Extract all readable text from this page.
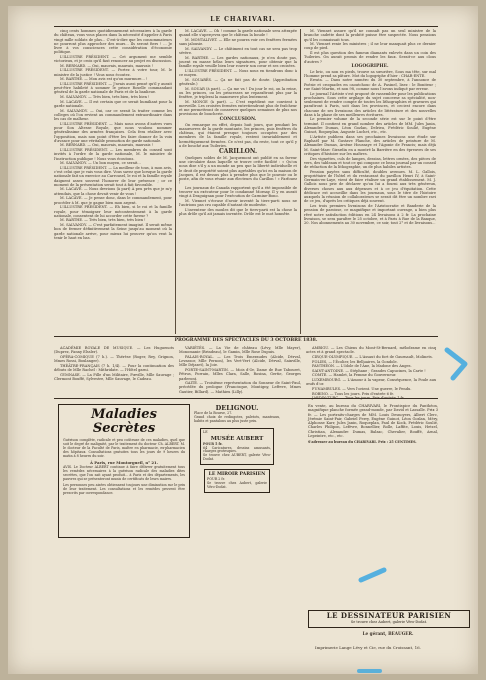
LE CHARIVARI.

cinq cents hommes quotidiennement nécessaires à la garde du château, vous vous placez dans la nécessité d'appeler à Paris vingt mille soldats de plus... C'est-à-dire que les consommateurs ne pourront plus approcher des murs... Ils seront fiers ! ... Je livre à vos consciences cette considération d'économie politique.

L'ILLUSTRE PRÉSIDENT. — Cet argument me semble victorieux, et je crois qu'il faut renoncer au projet en discussion.

M. BERNARD. — Oui, mauvais, mauvais, mauvais !

L'ILLUSTRE PRÉSIDENT. — Portez à votre tour, M. le ministre de la justice ! Vous nous écoutez.

M. BARTHE. — Mon avis est qu'on murmure... !

L'ILLUSTRE PRÉSIDENT. — J'avais aussi pensé qu'il y aurait peut-être habileté à sommer le prince Roselle commandant général de la garde nationale de Paris et de la banlieue.

M. SALVANDY. — Très bien, très bien, très bien !

M. LACAVE. — Il est certain que ce serait humiliant pour la garde nationale.

M. SALVANDY. — Oui, car ce serait la traiter comme les colleges où l'on revient au commandement extraordinaire dans les cas de malheur.

L'ILLUSTRE PRÉSIDENT. — Mais nous avons d'autres vues pour Son Altesse Royale, que nous voulons nommer généralissime des armées françaises. Cela fera réaliser avec l'opposition, mais non point d'être les faire donner de la voix d'avance pour une véritable promotion de garde nationale.

M. BERNARD. — Oui, mauvais, mauvais, mauvais !

L'ILLUSTRE PRÉSIDENT. — Les membres du conseil sont invités à l'ordre de la garde nationale, M. le ministre de l'instruction publique ! Nous vous écoutons.

M. SALVANDY. — Un bon moyen, ce serait...

L'ILLUSTRE PRÉSIDENT. — La meilleur de tous, à mon avis, c'est celui que je vais vous dire. Vous savez que lorsque la garde nationale fait un exercice au Carrousel, le roi et la famille royale daignent assez souvent l'honorer de leur présence ; or ce moment de la présentation serait tout à fait favorable.

M. LACAVE. — Nous devrions (à part) À peu près que je m'y attendais, que la chose devait venir de vous !

M. LACAVE. — Je pense donc, dans le commandement, pour procéder à M. que je gagne bien mon argent.

L'ILLUSTRE PRÉSIDENT. — Eh bien, si le roi et la famille royale, pour témoigner leur mécontentement à la garde nationale, consentent de lui accorder cette faveur ?

M. BARTHE. — Très bien, très bien, très bien !

M. SALVANDY. — C'est parfaitement imaginé. Il serait même bon de fermer définitivement la Seine jusqu'au moment où la garde nationale arrive, pour mieux lui prouver qu'on veut la tenir le haut en bas.

M. LACAVE. — Oh ! comme la garde nationale sera attrapée quand elle s'aperçevra que le château la boude !

M. MONTALIVET. — Elle ne pourra voir ces fenêtres fermées sans jalousie.

M. SALVANDY. — Le châtiment en tout cas ne sera pas trop sévère.

M. BARTHE. — Les gardes nationaux, je n'en doute pas, jouent en masse hélas leurs signatures, pour obtenir que la famille royale veuille bien leur rouvrir son cœur et ses croisées.

L'ILLUSTRE PRÉSIDENT. — Nous nous en tiendrons donc à ce moyen.

M. SOUARÈS. — Ça ne fait pas de doute. (Approbation générale.)

M. SOUAR (à part). — Ça me va ! Du jour le roi, on la reine, ou les princes, ou les princesses ne reparaîtront plus par la fenêtre, je triplerai la manœuvre plus lentement.

M. MONGE (à part). — C'est expédient me convient à merveille. Les croisées fermées entretiendront plus de fraîcheur et me permettront de conserver quelques semaines de plus nos provisions de boucherie.

CONCLUSION.

On remarque en effet, depuis huit jours, que pendant les manœuvres de la garde montante, les princes, puis fenêtres du château, qui étaient presque toujours occupées par des membres de la famille royale, restent invariablement et hermétiquement fermées. Ce n'est pas, du reste, tout ce qu'il y a de bouché aux Tuileries.

CARILLON.

Quelques soldes de M. Jacquemont ont publié en sa faveur une circulaire dans laquelle se trouve cette facilité : « Qu'on nous dise s'il y a un monde au peu que la liberté individuelle et le droit de propriété soient plus agréables qu'ici en la maison de Jacques, il est dessus plus à prendre plus que le pouvoir ou le poste, afin de vous réunir aux électeurs du Carillon ! » Farfouez !

Les journaux de Canada rapportent qu'il a été impossible de trouver un exécuteur pour le condamné Mornay. Il y en aurait vingt à Draguignan pour l'exécution de Carmine-Bono.

M. Viennet s'écrase d'avoir inventé la tiers-parti nous ne l'autrions pas cru capable d'autant de modestie.

L'inventeur des moules dit que le tiers-parti est la chose la plus drôle qu'il ait jamais inventée. Drôle est le mot honnête.

M. Viennet assure qu'il ne connaît pas un seul ministre de la branche cadette dont la probité puisse être suspectée. Nous pensions qu'il les connaissait tous.

M. Viennet renie les ministres ; il ne leur manquait plus ce dernier coup de pied.

Il est plus question des fameux diamants enlevés dans un coin des Tuileries. On aurait promis de rendre les faux. Serait-ce aux clous d'autres ?

LOGOGRIPHE.

Le bric, ou non es pieds, trouve sa sœurière, Sous ma tête, sur mal l'homme prend sa pâture. Mot du logogriphe d'hier : CHAR-ENTE.

Errata. — Dans notre numéro du 30 septembre, à l'annonce de Poésie et croquades en caoutchouc de A. Pasinel, lisez : le Boniteur ; rue Saint-Martin, et non 98, comme nous l'avons indiqué par erreur.

Le journal l'Artiste s'est proposé de rassembler pour les publications prochaines. Sous cette argilage du sujet concerne sa spécialité, non-seulement de rendre compte de toutes les lithographies et gravures qui paraîtront à Paris, soit dans les provinces, et ceciest encore dans chacune de ses livraisons des articles de littérature et des nouvelles dans à la phase de ses meilleures écritures.

Le premier volume de la seconde série est sur le point d'être terminé. Il contient en grand nombre des articles de MM. Jules Janin, Alexandre Dumas, Léon Gozlan, Delrieu, Frédéric Soulié, Eugène Guinot, Roqueplan, Auguste Luchet, etc., etc.

L'Artiste publiera dans ses prochaines livraisons une étude sur Raphaël par M. Gustave Planche, des articles de peinture de M. Alexandre Dumas, Arsène Houssaye et l'Agonie de Francis; mais déjà M. Saint-Marc Girardin en a montré la Barrière en des épreuves de ses critiques d'histoire sur les maîtres.

Des vignettes, culs de lampes, dessins, lettres ornées, des pièces de vers, des tableaux et tout ce qui compose ce beau journal par un conseil de rédaction de la lithographie, un de plus habiles artistes.

Pension payées sans difficulté, doubles avenues. M. L. Gallois, propriétaire de l'hôtel et du restaurant du pavillon Henri IV, à Saint-Germain-en-Laye, vient de faire réaliser un grand établissement. M. J. Gallois nous prie de déclarer qu'on lui a fourni aux très généreux, diverses choses aux aux dépenses et à ce jeu d'équitation. Cette dédicace est accueillie dans les journaux, sous le titre de l'histoire auxquels la réunion de collaborateurs se serait dit être un nombre ravi de ce jeu, d'après les critiques déjà souvent.

Les trois premiers livraisons de l'Aristocratie et Banderie de la pension de paroisse, ce magnifique et important ouvrage, a bien plus rêvé notre satisfaction éditions en 24 livraisons à 2 fr. La prochaine livraison, se sera paraître le 25 octobre, et à Paris à Rue de la Banque, 20. Nos abonnements au 30 novembre, ce soir, tout 2° et de livraisons...

PROGRAMME DES SPECTACLES DU 3 OCTOBRE 1838.

ACADÉMIE ROYALE DE MUSIQUE. — Les Huguenots (Duprez, Fanny Elssler).

OPÉRA-COMIQUE (7 h.). — Thérèse (Roger, Rey, Grignon, Mmes Rossi, Boulanger).

THÉÂTRE-FRANÇAIS (7 h. 1/4). — Pour la continuation des débuts de Mlle Rachel : Mithridate. — l'Hôtel garni.

GYMNASE. — La Fille d'un Militaire, Fœville, Mlle Sauvage ; Clermont Bouffé, Sylvestre, Mlle Sauvage, le Cadeau.

VARIÉTÉS. — La Vie de château (Lévy, Mlle Mayer), Monomanie (Brindeau), le Gamin, Mlle Rose Dupuis.

PALAIS-ROYAL. — Les Trois Émeraudes (Alcide, Dérval, Levassor, Mlle Pernon), les Vert-Vert (Alcide, Dérval, Sainville, Mlle Déjazet), la Joie.

PORTE-SAINT-MARTIN. — Mois d'Or, Dame de Rue Tabouret, Pétrus, Porrain, Mlles Clara, Salle, Rosina, Gertie, Georges parleront.

GAITÉ. — Troisième représentation du Sonneur de Saint-Paul, précédée du prologue (Francisque, Montigny, Lefèvre, Mmes Gautier, Billard). — Mathieu (Lilly).

AMBIGU. — Les Chiens du Mont-St-Bernard, mélodrame en cinq actes et à grand spectacle.

CIRQUE-OLYMPIQUE. — L'Assaut du fort de Gaurnault, Molinets.

FOLIES. — l'Écolier, les Belluaires, la Gondole.

PANTHÉON. — L'Idole de l'Âne, la Madone des Anges.

SAINT-ANTOINE. — Stéphane ; Grandes Capucines, la Carte !

COMTE. — Hamlet, la Femme du Gouverneur.

LUXEMBOURG. — L'Amour à la vapeur, Conséquence, la Poule aux œufs d'or.

FUNAMBULES. — Vers l'orient. Une guerre, le Pendu.

BOBINO. — Tous les jours. Prix d'entrée 6 fr.

JARDIN-TURC. — Tous les jours. Prix d'entrée 1 fr.

Maladies Secrètes
Guérison complète, radicale et peu coûteuse de ces maladies, quel que soit le degré de malignité, par le traitement du docteur Ch. ALBERT. M. le docteur de la Faculté de Paris, maître en pharmacie, ex-pharmacien des hôpitaux. Consultations gratuites tous les jours de 9 heures du matin à 8 heures du soir.
À Paris, rue Montorgueil, n° 21.
AVIS. Le Docteur ALBERT continue à faire délivrer gratuitement tous les remèdes nécessaires à la guérison radicale des maladies dites secrètes, que l'on sait ayant produit... à Paris et des départements, les pauvres qui se présenteront munis de certificats de leurs maires.
Les personnes peu aisées obtiennent toujours une diminution sur le prix de leur traitement. Les consultations et les remèdes peuvent être prescrits par correspondance.
DELIGNOU.
Place de la Bourse, 27.
Grand choix de redingotes, paletots, manteaux, habits et pantalons au plus juste prix.
LE
MUSÉE AUBERT
POUR 5 fr.
64 Caricatures, dessins amusants, charges grotesques.
Se trouve chez AUBERT, galerie Véro-Dodat.
LE MIROIR PARISIEN
POUR 2 fr.
Se trouve chez Aubert, galerie Véro-Dodat.
En vente, au bureau du CHARIVARI, le Frontispice du Panthéon, magnifique planche formée grand-monde, par David et Lassalle. Prix 3 fr. — Les portraits-charges de MM. Louis Desnoyers, Albert Clerc, Jérémie Saint-Pair, Gabriel Ferry, Eugène Guinot, Léon Gozlan, Méry, Alphonse Karr, Jules Janin, Roqueplan, Paul de Kock, Frédéric Soulié, Charles Philipon, Lefèvre, Bonnellier, Rolle, Laffite, Louis, Hetzel, Christian, Alexandre Dumas, Balzac, Chevalier, Bouffé, Arnal, Lepeintre, etc., etc.
S'adresser au bureau du CHARIVARI. Prix : 25 CENTIMES.
LE DESSINATEUR PARISIEN
Se trouve chez Aubert, galerie Véro-Dodat.
Le gérant, BEAUGER.
Imprimerie Lange Lévy et Cie, rue du Croissant, 16.
